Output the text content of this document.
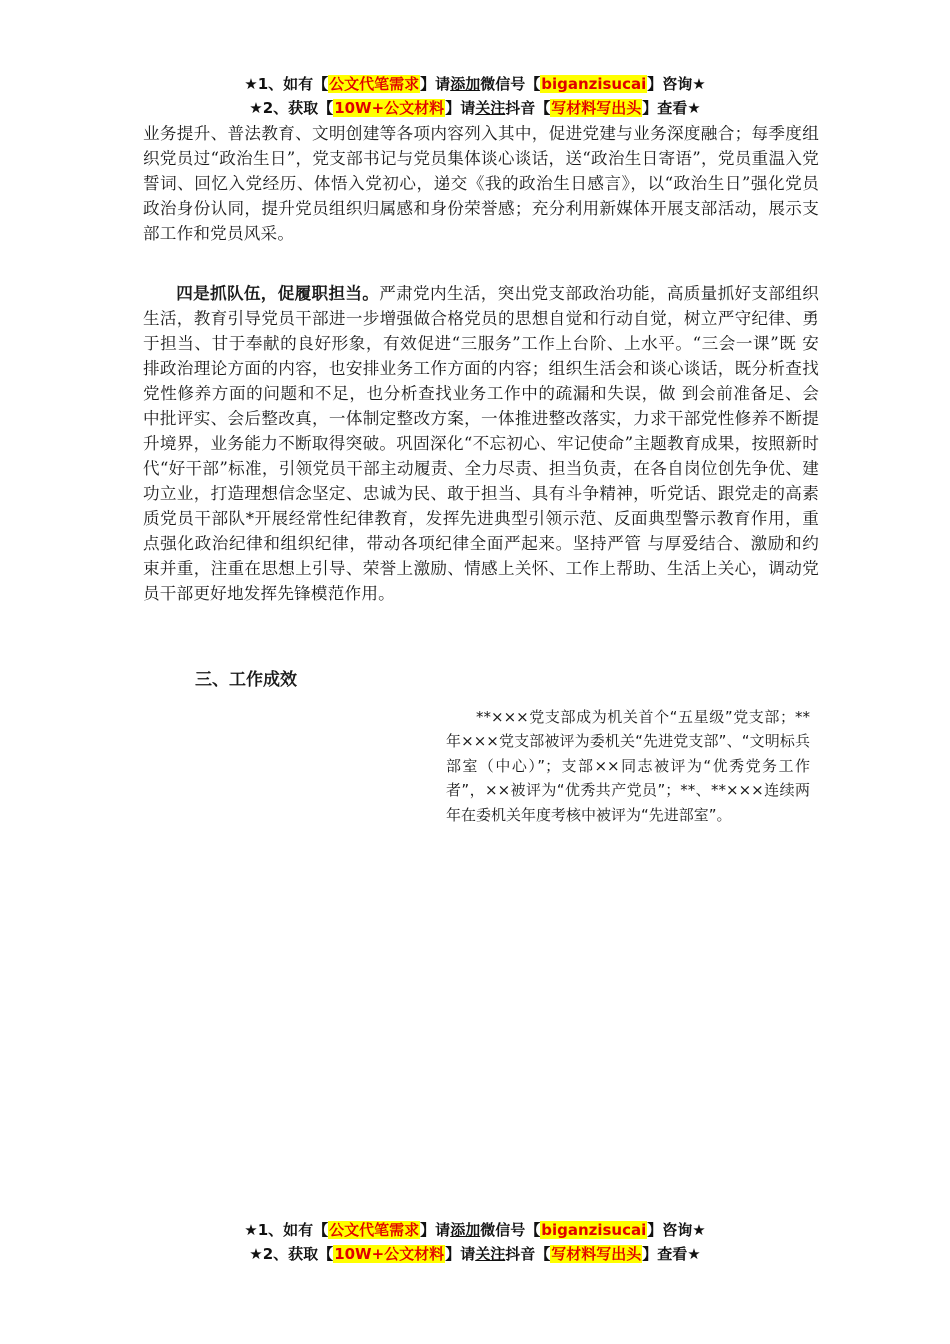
★1、如有【公文代笔需求】请添加微信号【biganzisucai】咨询★
★2、获取【10W+公文材料】请关注抖音【写材料写出头】查看★
业务提升、普法教育、文明创建等各项内容列入其中，促进党建与业务深度融合；每季度组织党员过“政治生日”，党支部书记与党员集体谈心谈话，送“政治生日寄语”，党员重温入党誓词、回忆入党经历、体悟入党初心，递交《我的政治生日感言》，以“政治生日”强化党员政治身份认同，提升党员组织归属感和身份荣誉感；充分利用新媒体开展支部活动，展示支部工作和党员风采。
四是抓队伍，促履职担当。严肃党内生活，突出党支部政治功能，高质量抓好支部组织生活，教育引导党员干部进一步增强做合格党员的思想自觉和行动自觉，树立严守纪律、勇于担当、甘于奉献的良好形象，有效促进“三服务”工作上台阶、上水平。“三会一课”既 安排政治理论方面的内容，也安排业务工作方面的内容；组织生活会和谈心谈话，既分析查找党性修养方面的问题和不足，也分析查找业务工作中的疏漏和失误，做 到会前准备足、会中批评实、会后整改真，一体制定整改方案，一体推进整改落实，力求干部党性修养不断提升境界，业务能力不断取得突破。巩固深化“不忘初心、牢记使命”主题教育成果，按照新时代“好干部”标准，引领党员干部主动履责、全力尽责、担当负责，在各自岗位创先争优、建功立业，打造理想信念坚定、忠诚为民、敢于担当、具有斗争精神，听党话、跟党走的高素质党员干部队*开展经常性纪律教育，发挥先进典型引领示范、反面典型警示教育作用，重点强化政治纪律和组织纪律，带动各项纪律全面严起来。坚持严管 与厚爱结合、激励和约束并重，注重在思想上引导、荣誉上激励、情感上关怀、工作上帮助、生活上关心，调动党员干部更好地发挥先锋模范作用。
三、工作成效
**×××党支部成为机关首个“五星级”党支部；**年×××党支部被评为委机关“先进党支部”、“文明标兵部室（中心）”；支部××同志被评为“优秀党务工作者”，××被评为“优秀共产党员”；**、**×××连续两年在委机关年度考核中被评为“先进部室”。
★1、如有【公文代笔需求】请添加微信号【biganzisucai】咨询★
★2、获取【10W+公文材料】请关注抖音【写材料写出头】查看★
